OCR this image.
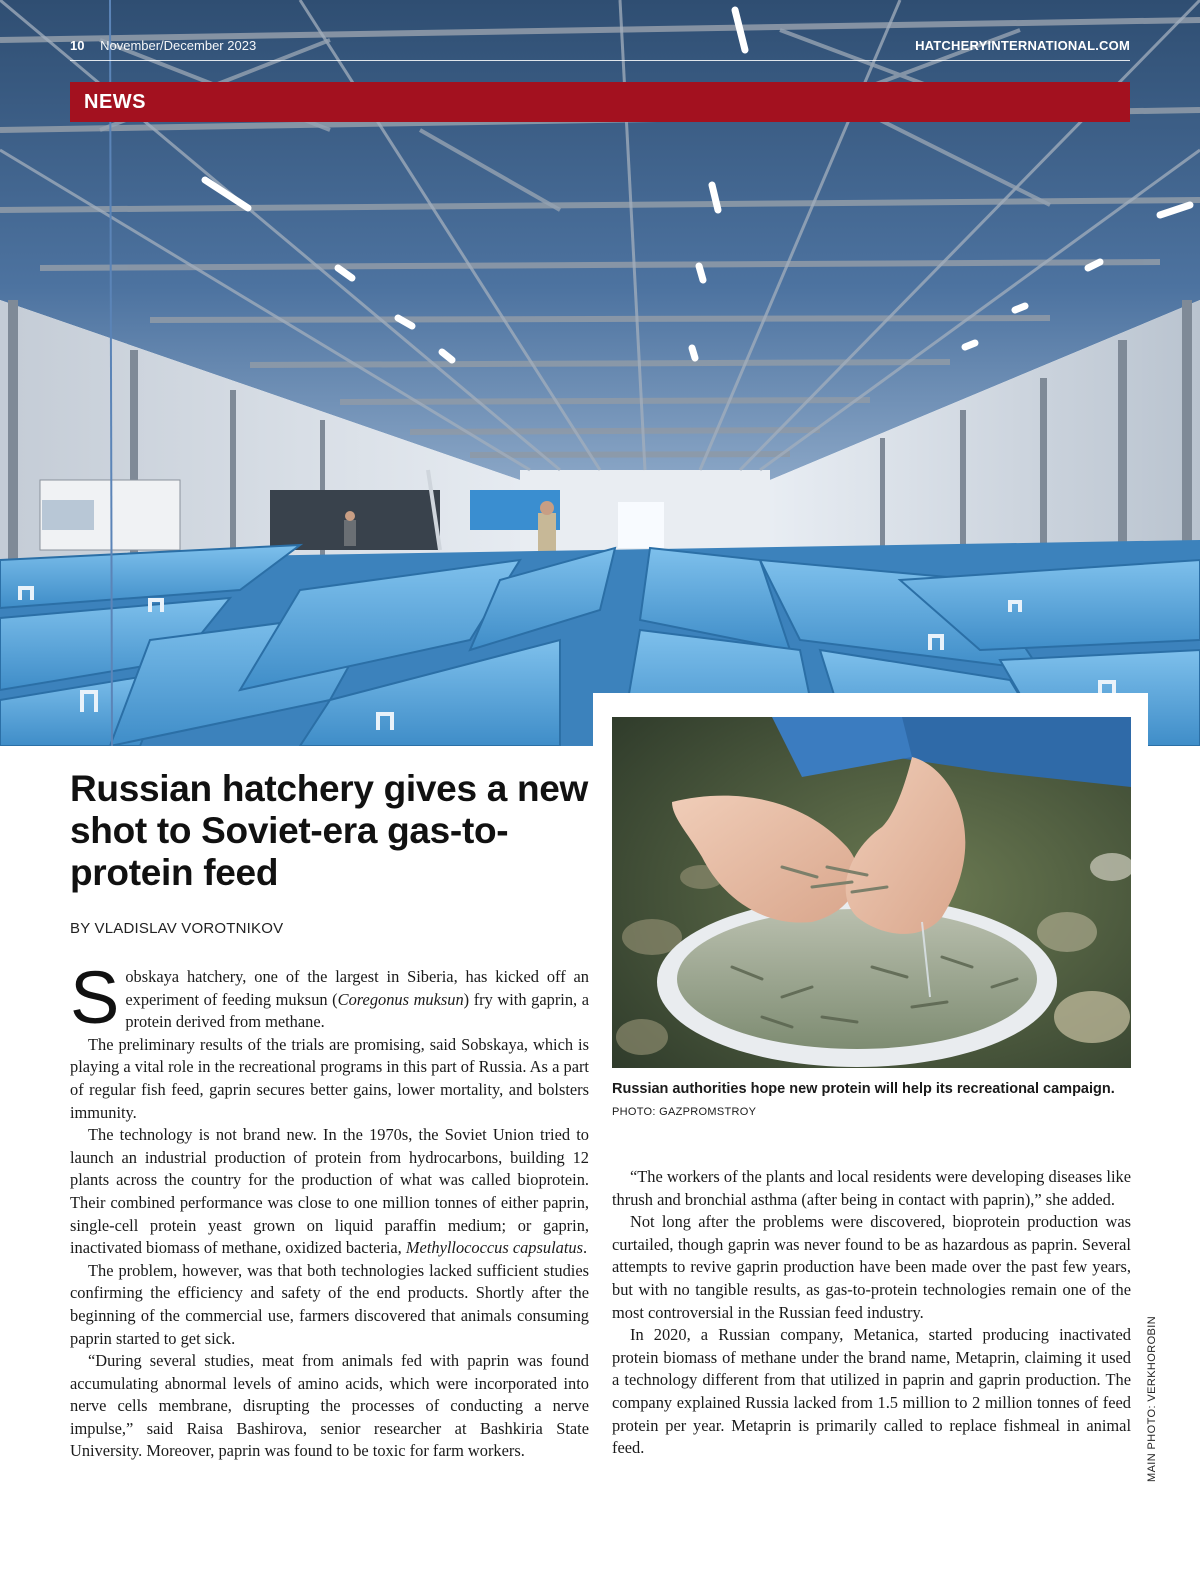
10 November/December 2023	HATCHERYINTERNATIONAL.COM
NEWS
Russian authorities hope new protein will help its recreational campaign. PHOTO: GAZPROMSTROY
Russian hatchery gives a new shot to Soviet-era gas-to-protein feed
BY VLADISLAV VOROTNIKOV

Sobskaya hatchery, one of the largest in Siberia, has kicked off an experiment of feeding muksun (Coregonus muksun) fry with gaprin, a protein derived from methane.

The preliminary results of the trials are promising, said Sobskaya, which is playing a vital role in the recreational programs in this part of Russia. As a part of regular fish feed, gaprin secures better gains, lower mortality, and bolsters immunity.

The technology is not brand new. In the 1970s, the Soviet Union tried to launch an industrial production of protein from hydrocarbons, building 12 plants across the country for the production of what was called bioprotein. Their combined performance was close to one million tonnes of either paprin, single-cell protein yeast grown on liquid paraffin medium; or gaprin, inactivated biomass of methane, oxidized bacteria, Methyllococcus capsulatus.

The problem, however, was that both technologies lacked sufficient studies confirming the efficiency and safety of the end products. Shortly after the beginning of the commercial use, farmers discovered that animals consuming paprin started to get sick.

“During several studies, meat from animals fed with paprin was found accumulating abnormal levels of amino acids, which were incorporated into nerve cells membrane, disrupting the processes of conducting a nerve impulse,” said Raisa Bashirova, senior researcher at Bashkiria State University. Moreover, paprin was found to be toxic for farm workers.

“The workers of the plants and local residents were developing diseases like thrush and bronchial asthma (after being in contact with paprin),” she added.

Not long after the problems were discovered, bioprotein production was curtailed, though gaprin was never found to be as hazardous as paprin. Several attempts to revive gaprin production have been made over the past few years, but with no tangible results, as gas-to-protein technologies remain one of the most controversial in the Russian feed industry.

In 2020, a Russian company, Metanica, started producing inactivated protein biomass of methane under the brand name, Metaprin, claiming it used a technology different from that utilized in paprin and gaprin production. The company explained Russia lacked from 1.5 million to 2 million tonnes of feed protein per year. Metaprin is primarily called to replace fishmeal in animal feed.	MAIN PHOTO: VERKHOROBIN
